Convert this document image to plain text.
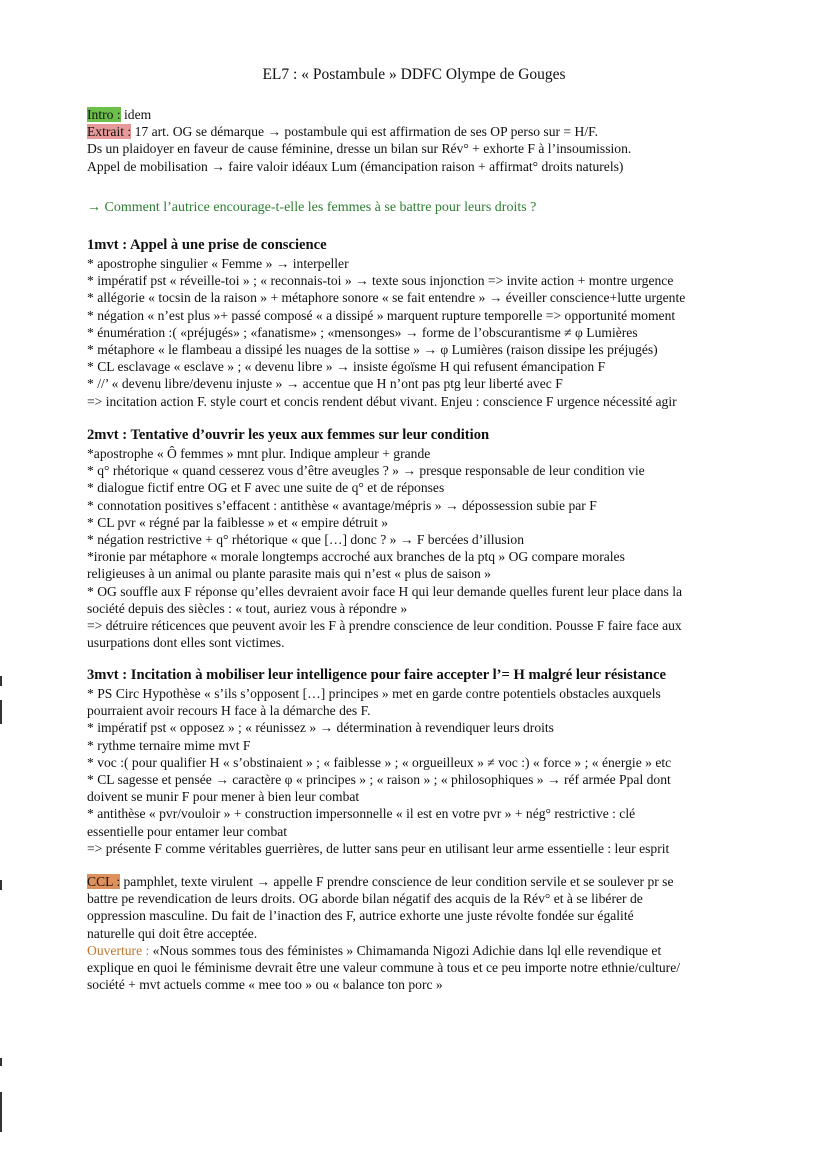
EL7 : « Postambule » DDFC Olympe de Gouges
Intro : idem
Extrait : 17 art. OG se démarque → postambule qui est affirmation de ses OP perso sur = H/F.
Ds un plaidoyer en faveur de cause féminine, dresse un bilan sur Rév° + exhorte F à l’insoumission.
Appel de mobilisation → faire valoir idéaux Lum (émancipation raison + affirmat° droits naturels)
→ Comment l’autrice encourage-t-elle les femmes à se battre pour leurs droits ?
1mvt : Appel à une prise de conscience
* apostrophe singulier « Femme » → interpeller
* impératif pst « réveille-toi » ; « reconnais-toi » → texte sous injonction => invite action + montre urgence
* allégorie « tocsin de la raison » + métaphore sonore « se fait entendre » → éveiller conscience+lutte urgente
* négation « n’est plus »+ passé composé « a dissipé » marquent rupture temporelle => opportunité moment
* énumération :( «préjugés» ; «fanatisme» ; «mensonges» → forme de l’obscurantisme ≠ φ Lumières
* métaphore « le flambeau a dissipé les nuages de la sottise » → φ Lumières (raison dissipe les préjugés)
* CL esclavage « esclave » ; « devenu libre » → insiste égoïsme H qui refusent émancipation F
* //’ « devenu libre/devenu injuste » → accentue que H n’ont pas ptg leur liberté avec F
=> incitation action F. style court et concis rendent début vivant. Enjeu : conscience F urgence nécessité agir
2mvt : Tentative d’ouvrir les yeux aux femmes sur leur condition
*apostrophe « Ô femmes » mnt plur. Indique ampleur + grande
* q° rhétorique « quand cesserez vous d’être aveugles ? » → presque responsable de leur condition vie
* dialogue fictif entre OG et F avec une suite de q° et de réponses
* connotation positives s’effacent : antithèse « avantage/mépris » → dépossession subie par F
* CL pvr « régné par la faiblesse » et « empire détruit »
* négation restrictive + q° rhétorique « que […] donc ? » → F bercées d’illusion
*ironie par métaphore « morale longtemps accroché aux branches de la ptq » OG compare morales
religieuses à un animal ou plante parasite mais qui n’est « plus de saison »
* OG souffle aux F réponse qu’elles devraient avoir face H qui leur demande quelles furent leur place dans la
société depuis des siècles : « tout, auriez vous à répondre »
=> détruire réticences que peuvent avoir les F à prendre conscience de leur condition. Pousse F faire face aux
usurpations dont elles sont victimes.
3mvt : Incitation à mobiliser leur intelligence pour faire accepter l’= H malgré leur résistance
* PS Circ Hypothèse « s’ils s’opposent […] principes » met en garde contre potentiels obstacles auxquels
pourraient avoir recours H face à la démarche des F.
* impératif pst « opposez » ; « réunissez » → détermination à revendiquer leurs droits
* rythme ternaire mime mvt F
* voc :( pour qualifier H « s’obstinaient » ; « faiblesse » ; « orgueilleux » ≠ voc :) « force » ; « énergie » etc
* CL sagesse et pensée → caractère φ « principes » ; « raison » ; « philosophiques » → réf armée Ppal dont
doivent se munir F pour mener à bien leur combat
* antithèse « pvr/vouloir » + construction impersonnelle « il est en votre pvr » + nég° restrictive : clé
essentielle pour entamer leur combat
=> présente F comme véritables guerrières, de lutter sans peur en utilisant leur arme essentielle : leur esprit
CCL : pamphlet, texte virulent → appelle F prendre conscience de leur condition servile et se soulever pr se
battre pe revendication de leurs droits. OG aborde bilan négatif des acquis de la Rév° et à se libérer de
oppression masculine. Du fait de l’inaction des F, autrice exhorte une juste révolte fondée sur égalité
naturelle qui doit être acceptée.
Ouverture : «Nous sommes tous des féministes » Chimamanda Nigozi Adichie dans lql elle revendique et
explique en quoi le féminisme devrait être une valeur commune à tous et ce peu importe notre ethnie/culture/
société + mvt actuels comme « mee too » ou « balance ton porc »
